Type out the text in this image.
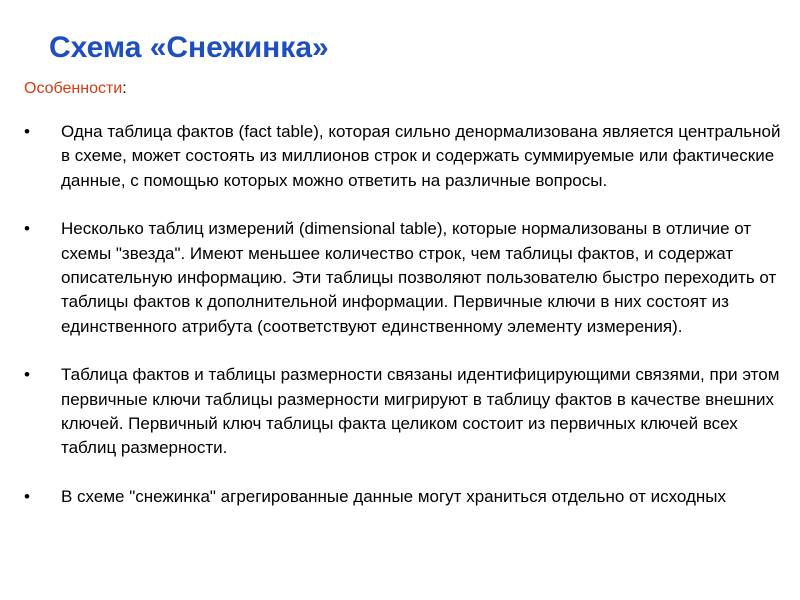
Схема «Снежинка»
Особенности:
•	Одна таблица фактов (fact table), которая сильно денормализована является центральной в схеме, может состоять из миллионов строк и содержать суммируемые или фактические данные, с помощью которых можно ответить на различные вопросы.
•	Несколько таблиц измерений (dimensional table), которые нормализованы в отличие от схемы "звезда". Имеют меньшее количество строк, чем таблицы фактов, и содержат описательную информацию. Эти таблицы позволяют пользователю быстро переходить от таблицы фактов к дополнительной информации. Первичные ключи в них состоят из единственного атрибута (соответствуют единственному элементу измерения).
•	Таблица фактов и таблицы размерности связаны идентифицирующими связями, при этом первичные ключи таблицы размерности мигрируют в таблицу фактов в качестве внешних ключей. Первичный ключ таблицы факта целиком состоит из первичных ключей всех таблиц размерности.
•	В схеме "снежинка" агрегированные данные могут храниться отдельно от исходных
